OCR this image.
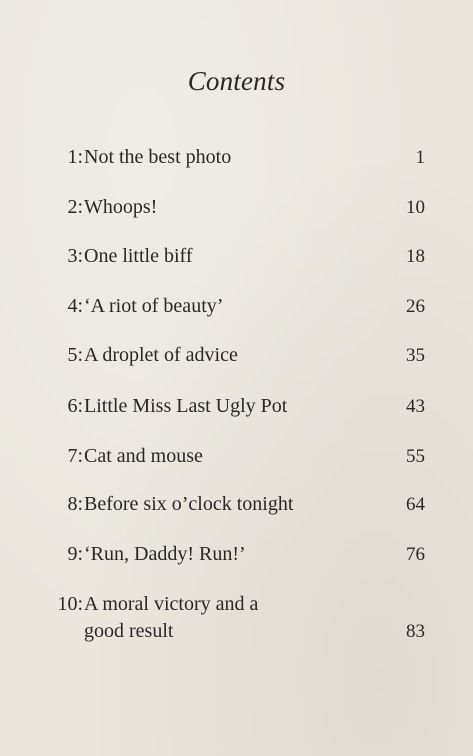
Contents
1: Not the best photo	1
2: Whoops!	10
3: One little biff	18
4: ‘A riot of beauty’	26
5: A droplet of advice	35
6: Little Miss Last Ugly Pot	43
7: Cat and mouse	55
8: Before six o’clock tonight	64
9: ‘Run, Daddy! Run!’	76
10: A moral victory and a
good result	83
